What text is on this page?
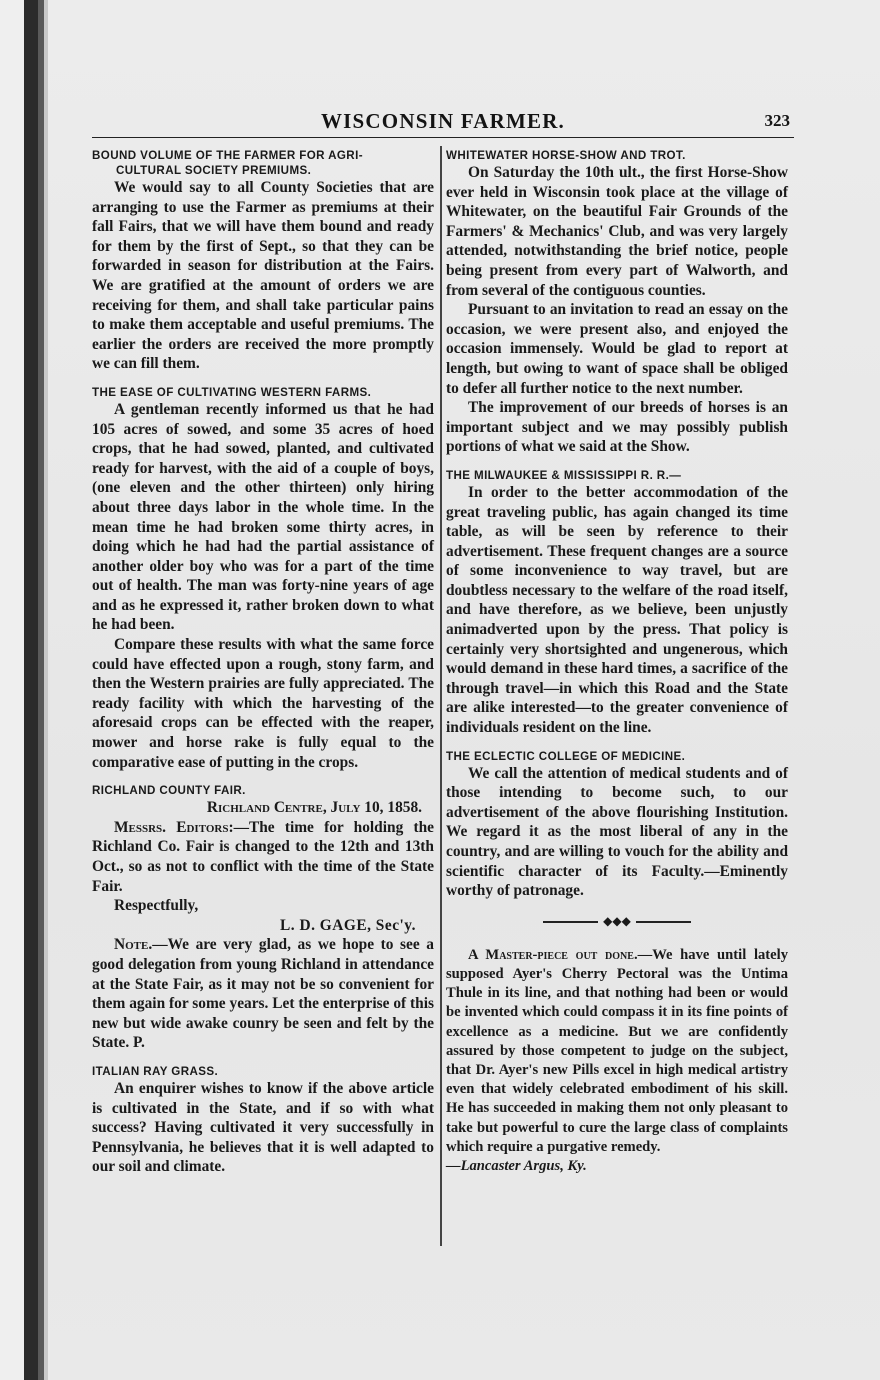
WISCONSIN FARMER.	323
BOUND VOLUME OF THE FARMER FOR AGRI-
CULTURAL SOCIETY PREMIUMS.

We would say to all County Societies that are arranging to use the Farmer as premiums at their fall Fairs, that we will have them bound and ready for them by the first of Sept., so that they can be forwarded in season for distribution at the Fairs. We are gratified at the amount of orders we are receiving for them, and shall take particular pains to make them acceptable and useful premiums. The earlier the orders are received the more promptly we can fill them.

THE EASE OF CULTIVATING WESTERN FARMS.

A gentleman recently informed us that he had 105 acres of sowed, and some 35 acres of hoed crops, that he had sowed, planted, and cultivated ready for harvest, with the aid of a couple of boys, (one eleven and the other thirteen) only hiring about three days labor in the whole time. In the mean time he had broken some thirty acres, in doing which he had had the partial assistance of another older boy who was for a part of the time out of health. The man was forty-nine years of age and as he expressed it, rather broken down to what he had been.

Compare these results with what the same force could have effected upon a rough, stony farm, and then the Western prairies are fully appreciated. The ready facility with which the harvesting of the aforesaid crops can be effected with the reaper, mower and horse rake is fully equal to the comparative ease of putting in the crops.

RICHLAND COUNTY FAIR.
Richland Centre, July 10, 1858.

Messrs. Editors:—The time for holding the Richland Co. Fair is changed to the 12th and 13th Oct., so as not to conflict with the time of the State Fair.

Respectfully,
L. D. GAGE, Sec'y.

Note.—We are very glad, as we hope to see a good delegation from young Richland in attendance at the State Fair, as it may not be so convenient for them again for some years. Let the enterprise of this new but wide awake counry be seen and felt by the State. P.

ITALIAN RAY GRASS.

An enquirer wishes to know if the above article is cultivated in the State, and if so with what success? Having cultivated it very successfully in Pennsylvania, he believes that it is well adapted to our soil and climate.

WHITEWATER HORSE-SHOW AND TROT.

On Saturday the 10th ult., the first Horse-Show ever held in Wisconsin took place at the village of Whitewater, on the beautiful Fair Grounds of the Farmers' & Mechanics' Club, and was very largely attended, notwithstanding the brief notice, people being present from every part of Walworth, and from several of the contiguous counties.

Pursuant to an invitation to read an essay on the occasion, we were present also, and enjoyed the occasion immensely. Would be glad to report at length, but owing to want of space shall be obliged to defer all further notice to the next number.

The improvement of our breeds of horses is an important subject and we may possibly publish portions of what we said at the Show.

THE MILWAUKEE & MISSISSIPPI R. R.—

In order to the better accommodation of the great traveling public, has again changed its time table, as will be seen by reference to their advertisement. These frequent changes are a source of some inconvenience to way travel, but are doubtless necessary to the welfare of the road itself, and have therefore, as we believe, been unjustly animadverted upon by the press. That policy is certainly very shortsighted and ungenerous, which would demand in these hard times, a sacrifice of the through travel—in which this Road and the State are alike interested—to the greater convenience of individuals resident on the line.

THE ECLECTIC COLLEGE OF MEDICINE.

We call the attention of medical students and of those intending to become such, to our advertisement of the above flourishing Institution. We regard it as the most liberal of any in the country, and are willing to vouch for the ability and scientific character of its Faculty.—Eminently worthy of patronage.

◆◆◆

A Master-piece out done.—We have until lately supposed Ayer's Cherry Pectoral was the Untima Thule in its line, and that nothing had been or would be invented which could compass it in its fine points of excellence as a medicine. But we are confidently assured by those competent to judge on the subject, that Dr. Ayer's new Pills excel in high medical artistry even that widely celebrated embodiment of his skill. He has succeeded in making them not only pleasant to take but powerful to cure the large class of complaints which require a purgative remedy.

—Lancaster Argus, Ky.
